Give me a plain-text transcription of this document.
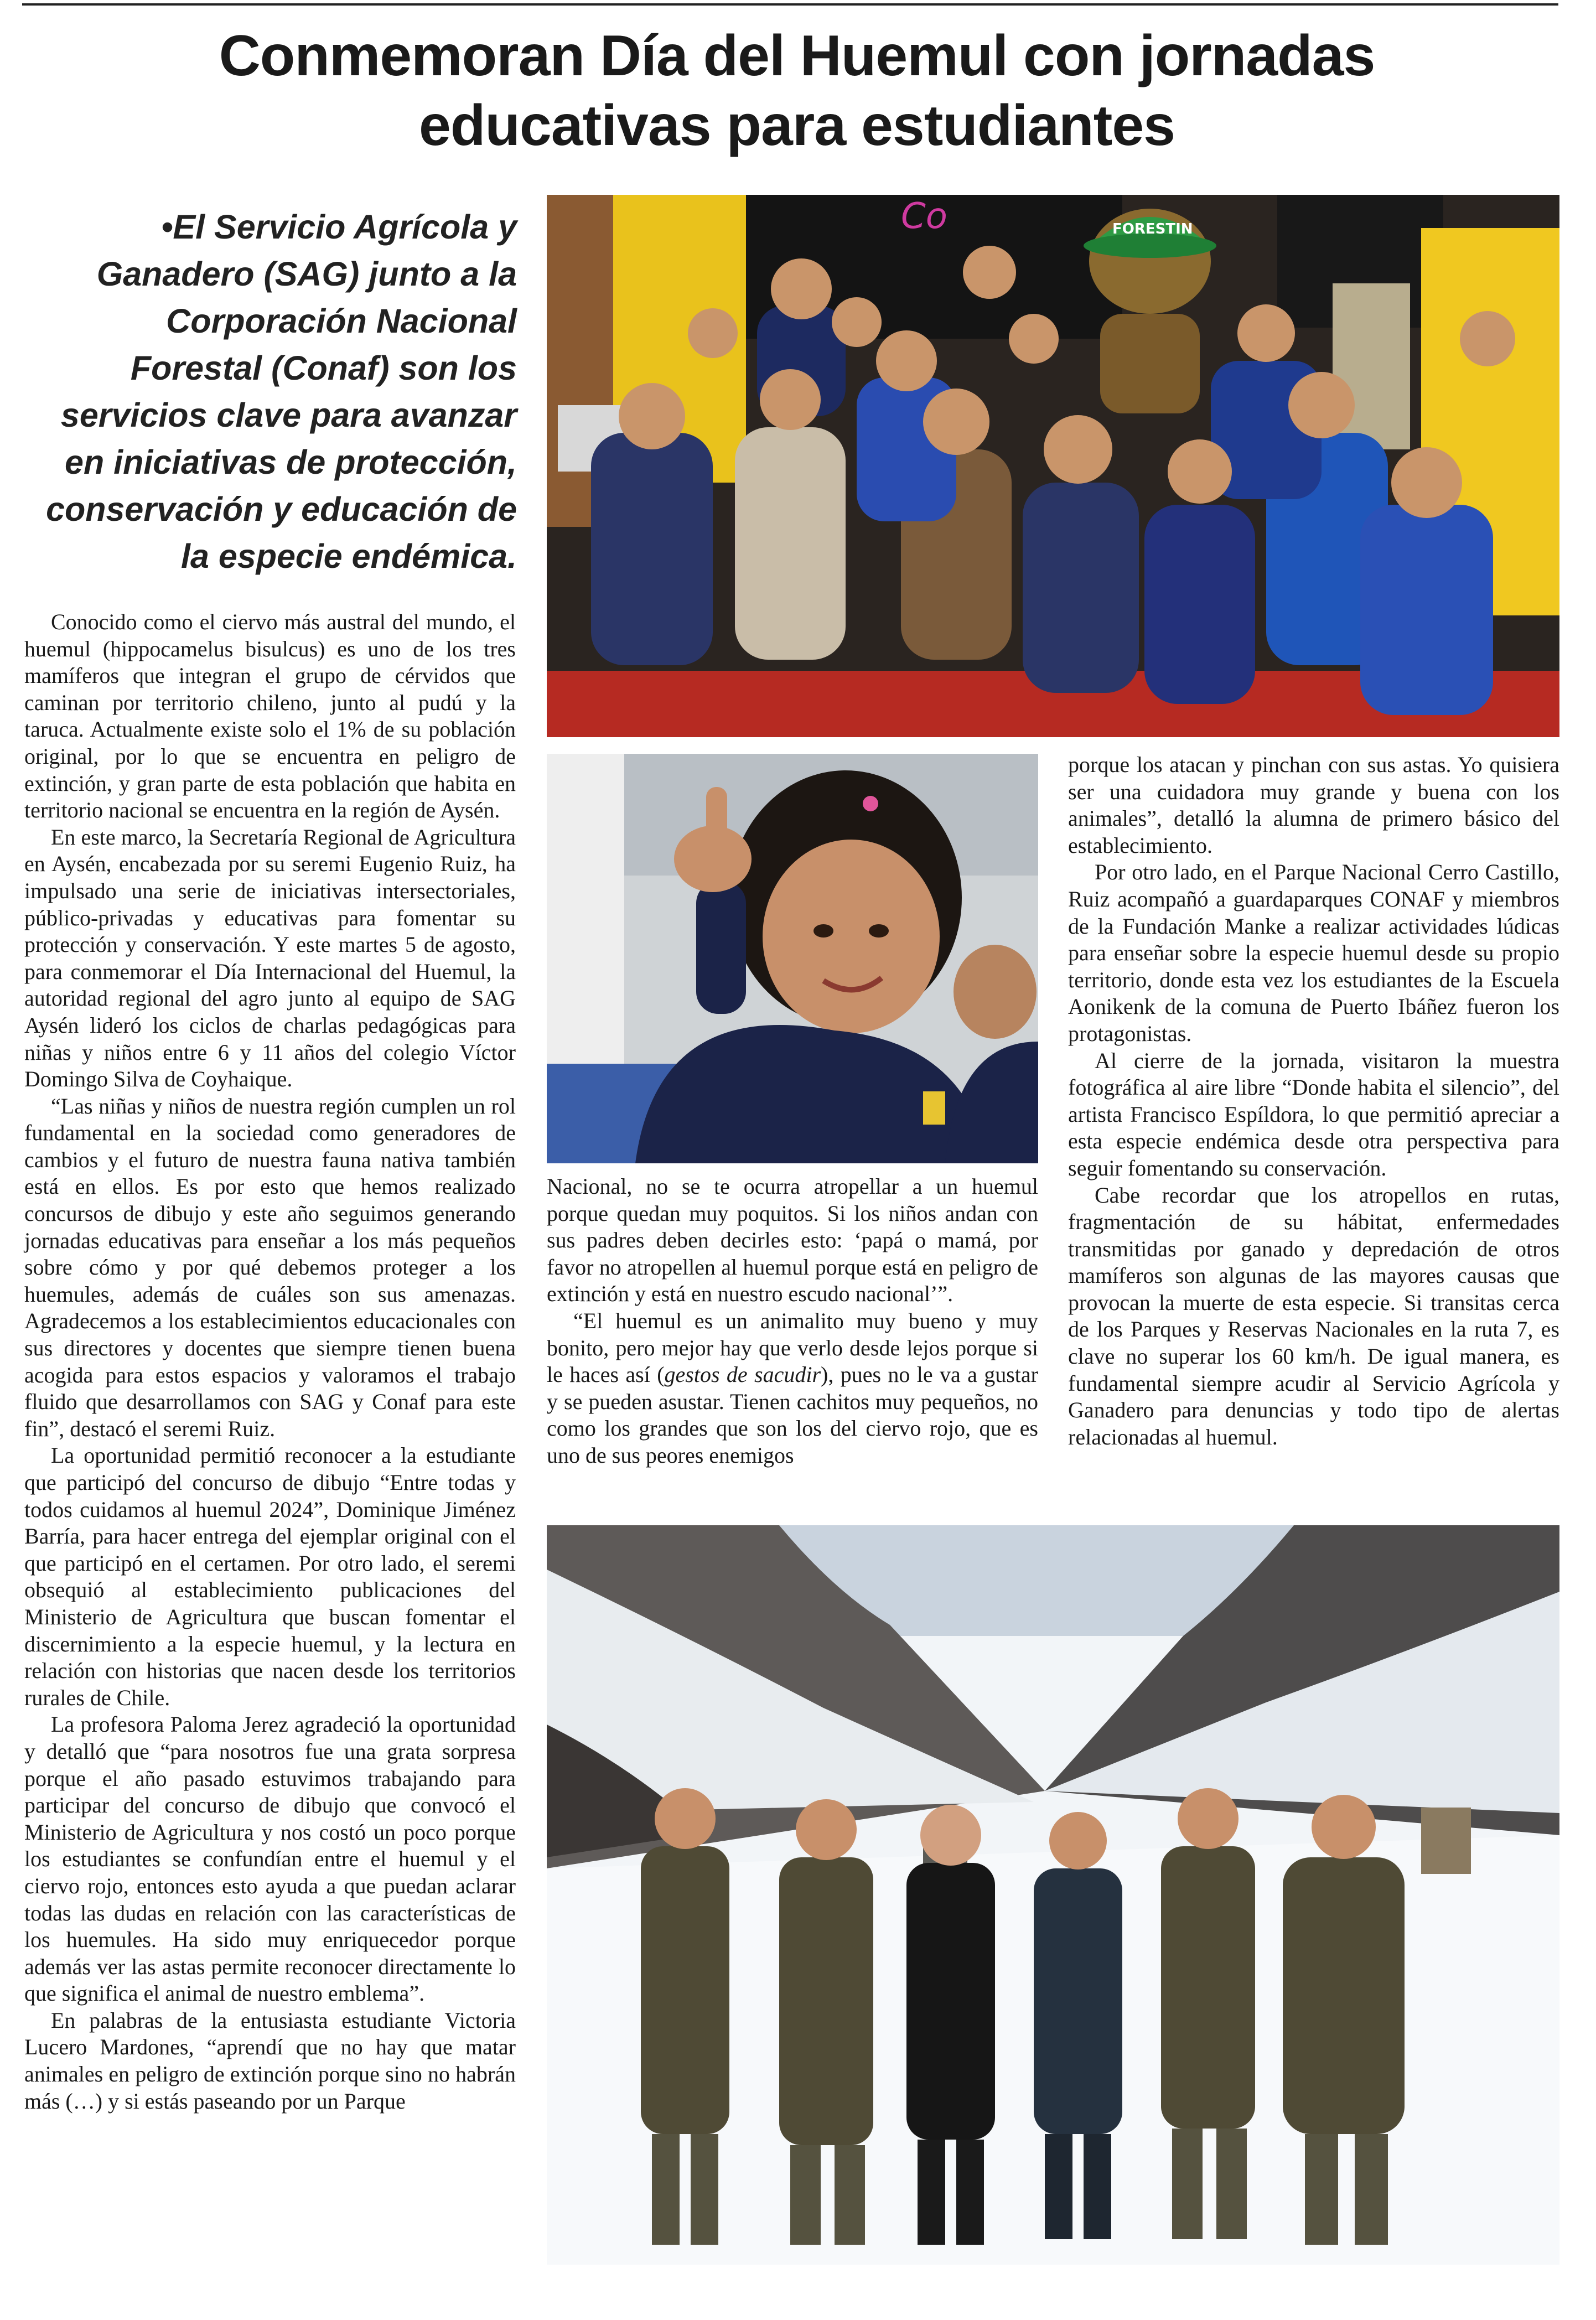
Conmemoran Día del Huemul con jornadas
educativas para estudiantes

•El Servicio Agrícola y Ganadero (SAG) junto a la Corporación Nacional Forestal (Conaf) son los servicios clave para avanzar en iniciativas de protección, conservación y educación de la especie endémica.

Conocido como el ciervo más austral del mundo, el huemul (hippocamelus bisulcus) es uno de los tres mamíferos que integran el grupo de cérvidos que caminan por territorio chileno, junto al pudú y la taruca. Actualmente existe solo el 1% de su población original, por lo que se encuentra en peligro de extinción, y gran parte de esta población que habita en territorio nacional se encuentra en la región de Aysén.

En este marco, la Secretaría Regional de Agricultura en Aysén, encabezada por su seremi Eugenio Ruiz, ha impulsado una serie de iniciativas intersectoriales, público-privadas y educativas para fomentar su protección y conservación. Y este martes 5 de agosto, para conmemorar el Día Internacional del Huemul, la autoridad regional del agro junto al equipo de SAG Aysén lideró los ciclos de charlas pedagógicas para niñas y niños entre 6 y 11 años del colegio Víctor Domingo Silva de Coyhaique.

“Las niñas y niños de nuestra región cumplen un rol fundamental en la sociedad como generadores de cambios y el futuro de nuestra fauna nativa también está en ellos. Es por esto que hemos realizado concursos de dibujo y este año seguimos generando jornadas educativas para enseñar a los más pequeños sobre cómo y por qué debemos proteger a los huemules, además de cuáles son sus amenazas. Agradecemos a los establecimientos educacionales con sus directores y docentes que siempre tienen buena acogida para estos espacios y valoramos el trabajo fluido que desarrollamos con SAG y Conaf para este fin”, destacó el seremi Ruiz.

La oportunidad permitió reconocer a la estudiante que participó del concurso de dibujo “Entre todas y todos cuidamos al huemul 2024”, Dominique Jiménez Barría, para hacer entrega del ejemplar original con el que participó en el certamen. Por otro lado, el seremi obsequió al establecimiento publicaciones del Ministerio de Agricultura que buscan fomentar el discernimiento a la especie huemul, y la lectura en relación con historias que nacen desde los territorios rurales de Chile.

La profesora Paloma Jerez agradeció la oportunidad y detalló que “para nosotros fue una grata sorpresa porque el año pasado estuvimos trabajando para participar del concurso de dibujo que convocó el Ministerio de Agricultura y nos costó un poco porque los estudiantes se confundían entre el huemul y el ciervo rojo, entonces esto ayuda a que puedan aclarar todas las dudas en relación con las características de los huemules. Ha sido muy enriquecedor porque además ver las astas permite reconocer directamente lo que significa el animal de nuestro emblema”.

En palabras de la entusiasta estudiante Victoria Lucero Mardones, “aprendí que no hay que matar animales en peligro de extinción porque sino no habrán más (…) y si estás paseando por un Parque

Co	FORESTIN

Nacional, no se te ocurra atropellar a un huemul porque quedan muy poquitos. Si los niños andan con sus padres deben decirles esto: ‘papá o mamá, por favor no atropellen al huemul porque está en peligro de extinción y está en nuestro escudo nacional’”.

“El huemul es un animalito muy bueno y muy bonito, pero mejor hay que verlo desde lejos porque si le haces así (gestos de sacudir), pues no le va a gustar y se pueden asustar. Tienen cachitos muy pequeños, no como los grandes que son los del ciervo rojo, que es uno de sus peores enemigos

porque los atacan y pinchan con sus astas. Yo quisiera ser una cuidadora muy grande y buena con los animales”, detalló la alumna de primero básico del establecimiento.

Por otro lado, en el Parque Nacional Cerro Castillo, Ruiz acompañó a guardaparques CONAF y miembros de la Fundación Manke a realizar actividades lúdicas para enseñar sobre la especie huemul desde su propio territorio, donde esta vez los estudiantes de la Escuela Aonikenk de la comuna de Puerto Ibáñez fueron los protagonistas.

Al cierre de la jornada, visitaron la muestra fotográfica al aire libre “Donde habita el silencio”, del artista Francisco Espíldora, lo que permitió apreciar a esta especie endémica desde otra perspectiva para seguir fomentando su conservación.

Cabe recordar que los atropellos en rutas, fragmentación de su hábitat, enfermedades transmitidas por ganado y depredación de otros mamíferos son algunas de las mayores causas que provocan la muerte de esta especie. Si transitas cerca de los Parques y Reservas Nacionales en la ruta 7, es clave no superar los 60 km/h. De igual manera, es fundamental siempre acudir al Servicio Agrícola y Ganadero para denuncias y todo tipo de alertas relacionadas al huemul.
